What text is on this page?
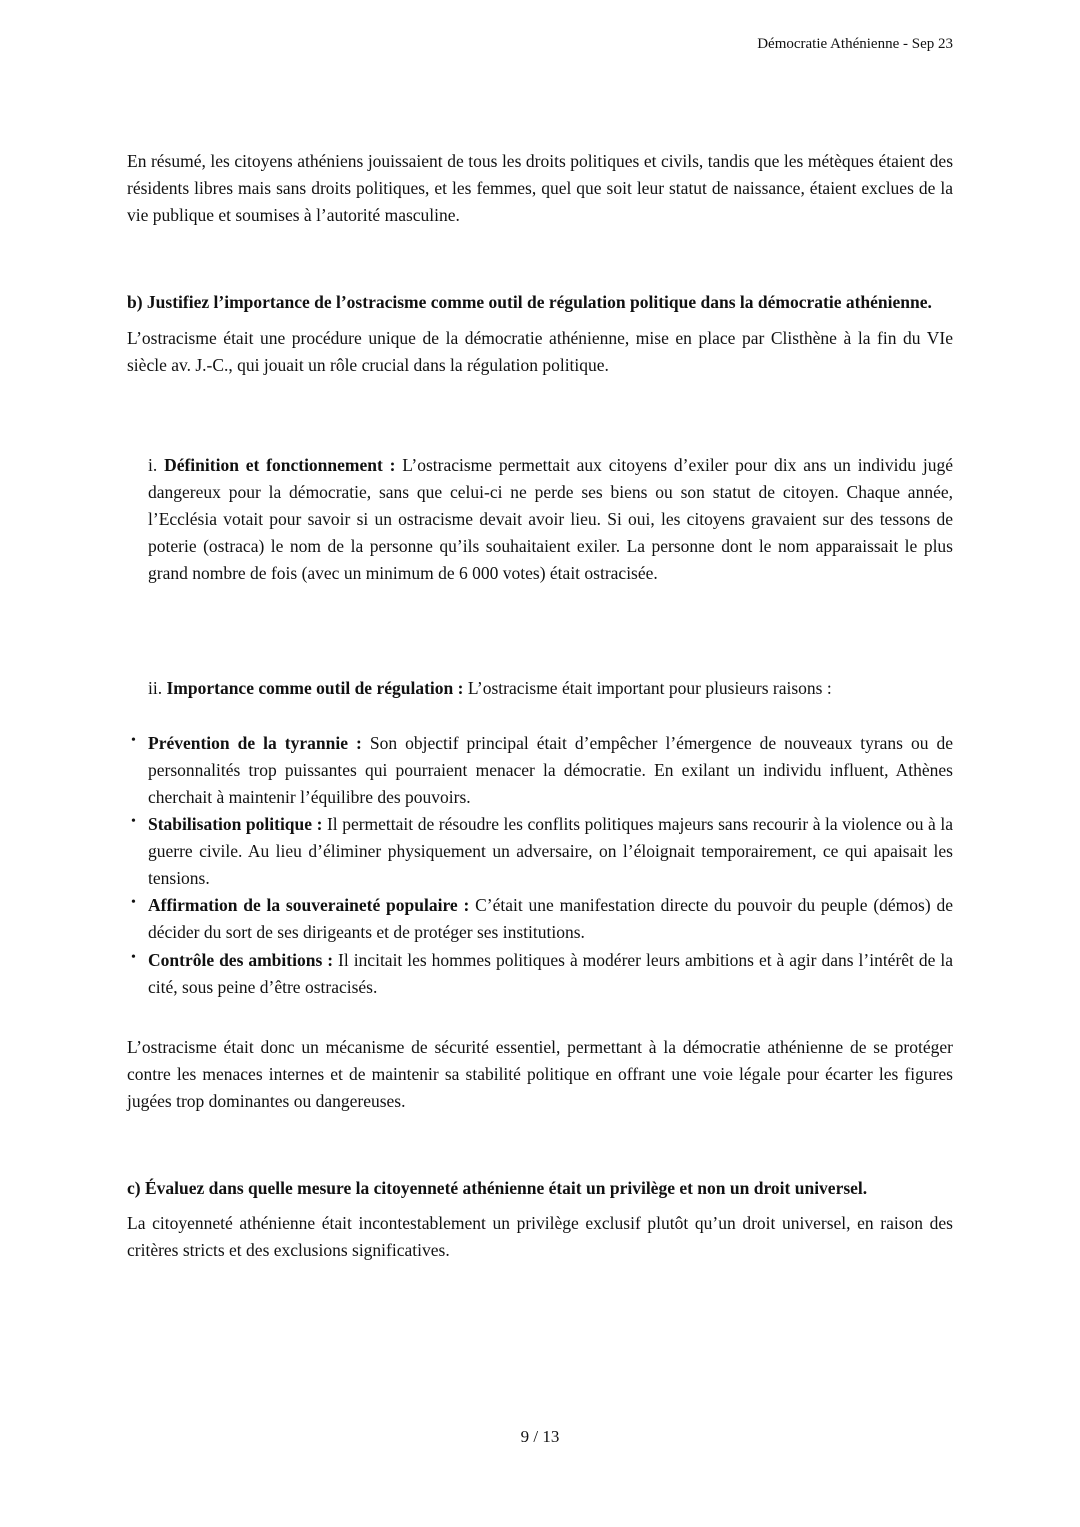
Démocratie Athénienne - Sep 23

En résumé, les citoyens athéniens jouissaient de tous les droits politiques et civils, tandis que les métèques étaient des résidents libres mais sans droits politiques, et les femmes, quel que soit leur statut de naissance, étaient exclues de la vie publique et soumises à l’autorité masculine.

b) Justifiez l’importance de l’ostracisme comme outil de régulation politique dans la démocratie athénienne.

L’ostracisme était une procédure unique de la démocratie athénienne, mise en place par Clisthène à la fin du VIe siècle av. J.-C., qui jouait un rôle crucial dans la régulation politique.

i. Définition et fonctionnement : L’ostracisme permettait aux citoyens d’exiler pour dix ans un individu jugé dangereux pour la démocratie, sans que celui-ci ne perde ses biens ou son statut de citoyen. Chaque année, l’Ecclésia votait pour savoir si un ostracisme devait avoir lieu. Si oui, les citoyens gravaient sur des tessons de poterie (ostraca) le nom de la personne qu’ils souhaitaient exiler. La personne dont le nom apparaissait le plus grand nombre de fois (avec un minimum de 6 000 votes) était ostracisée.

ii. Importance comme outil de régulation : L’ostracisme était important pour plusieurs raisons :

• Prévention de la tyrannie : Son objectif principal était d’empêcher l’émergence de nouveaux tyrans ou de personnalités trop puissantes qui pourraient menacer la démocratie. En exilant un individu influent, Athènes cherchait à maintenir l’équilibre des pouvoirs.
• Stabilisation politique : Il permettait de résoudre les conflits politiques majeurs sans recourir à la violence ou à la guerre civile. Au lieu d’éliminer physiquement un adversaire, on l’éloignait temporairement, ce qui apaisait les tensions.
• Affirmation de la souveraineté populaire : C’était une manifestation directe du pouvoir du peuple (démos) de décider du sort de ses dirigeants et de protéger ses institutions.
• Contrôle des ambitions : Il incitait les hommes politiques à modérer leurs ambitions et à agir dans l’intérêt de la cité, sous peine d’être ostracisés.

L’ostracisme était donc un mécanisme de sécurité essentiel, permettant à la démocratie athénienne de se protéger contre les menaces internes et de maintenir sa stabilité politique en offrant une voie légale pour écarter les figures jugées trop dominantes ou dangereuses.

c) Évaluez dans quelle mesure la citoyenneté athénienne était un privilège et non un droit universel.

La citoyenneté athénienne était incontestablement un privilège exclusif plutôt qu’un droit universel, en raison des critères stricts et des exclusions significatives.

9 / 13
